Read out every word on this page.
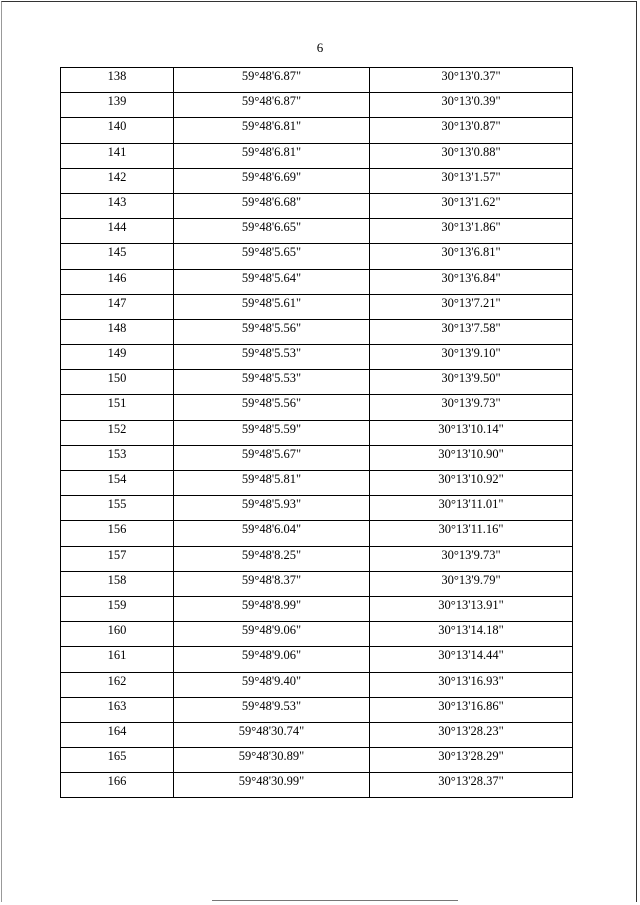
6
138	59°48'6.87"	30°13'0.37"
139	59°48'6.87"	30°13'0.39"
140	59°48'6.81"	30°13'0.87"
141	59°48'6.81"	30°13'0.88"
142	59°48'6.69"	30°13'1.57"
143	59°48'6.68"	30°13'1.62"
144	59°48'6.65"	30°13'1.86"
145	59°48'5.65"	30°13'6.81"
146	59°48'5.64"	30°13'6.84"
147	59°48'5.61"	30°13'7.21"
148	59°48'5.56"	30°13'7.58"
149	59°48'5.53"	30°13'9.10"
150	59°48'5.53"	30°13'9.50"
151	59°48'5.56"	30°13'9.73"
152	59°48'5.59"	30°13'10.14"
153	59°48'5.67"	30°13'10.90"
154	59°48'5.81"	30°13'10.92"
155	59°48'5.93"	30°13'11.01"
156	59°48'6.04"	30°13'11.16"
157	59°48'8.25"	30°13'9.73"
158	59°48'8.37"	30°13'9.79"
159	59°48'8.99"	30°13'13.91"
160	59°48'9.06"	30°13'14.18"
161	59°48'9.06"	30°13'14.44"
162	59°48'9.40"	30°13'16.93"
163	59°48'9.53"	30°13'16.86"
164	59°48'30.74"	30°13'28.23"
165	59°48'30.89"	30°13'28.29"
166	59°48'30.99"	30°13'28.37"
